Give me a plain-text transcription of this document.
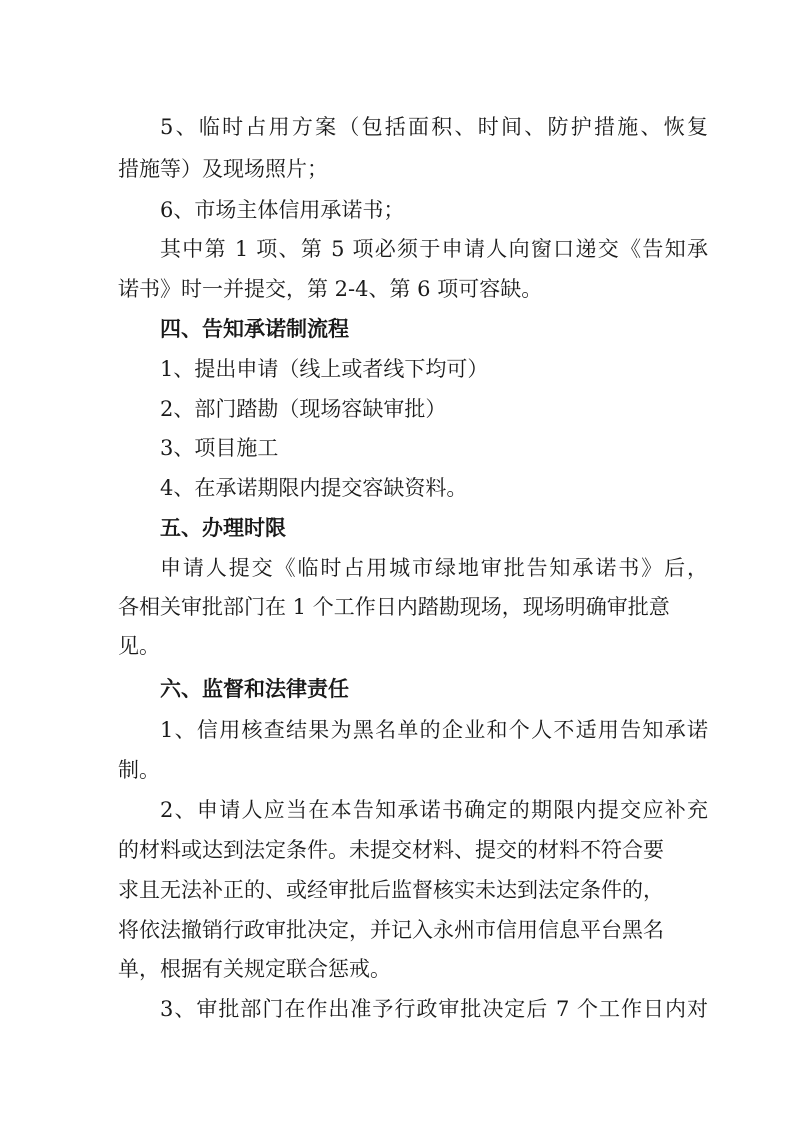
5、临时占用方案（包括面积、时间、防护措施、恢复
措施等）及现场照片；
6、市场主体信用承诺书；
其中第 1 项、第 5 项必须于申请人向窗口递交《告知承
诺书》时一并提交，第 2-4、第 6 项可容缺。
四、告知承诺制流程
1、提出申请（线上或者线下均可）
2、部门踏勘（现场容缺审批）
3、项目施工
4、在承诺期限内提交容缺资料。
五、办理时限
申请人提交《临时占用城市绿地审批告知承诺书》后，
各相关审批部门在 1 个工作日内踏勘现场，现场明确审批意
见。
六、监督和法律责任
1、信用核查结果为黑名单的企业和个人不适用告知承诺
制。
2、申请人应当在本告知承诺书确定的期限内提交应补充
的材料或达到法定条件。未提交材料、提交的材料不符合要
求且无法补正的、或经审批后监督核实未达到法定条件的，
将依法撤销行政审批决定，并记入永州市信用信息平台黑名
单，根据有关规定联合惩戒。
3、审批部门在作出准予行政审批决定后 7 个工作日内对
